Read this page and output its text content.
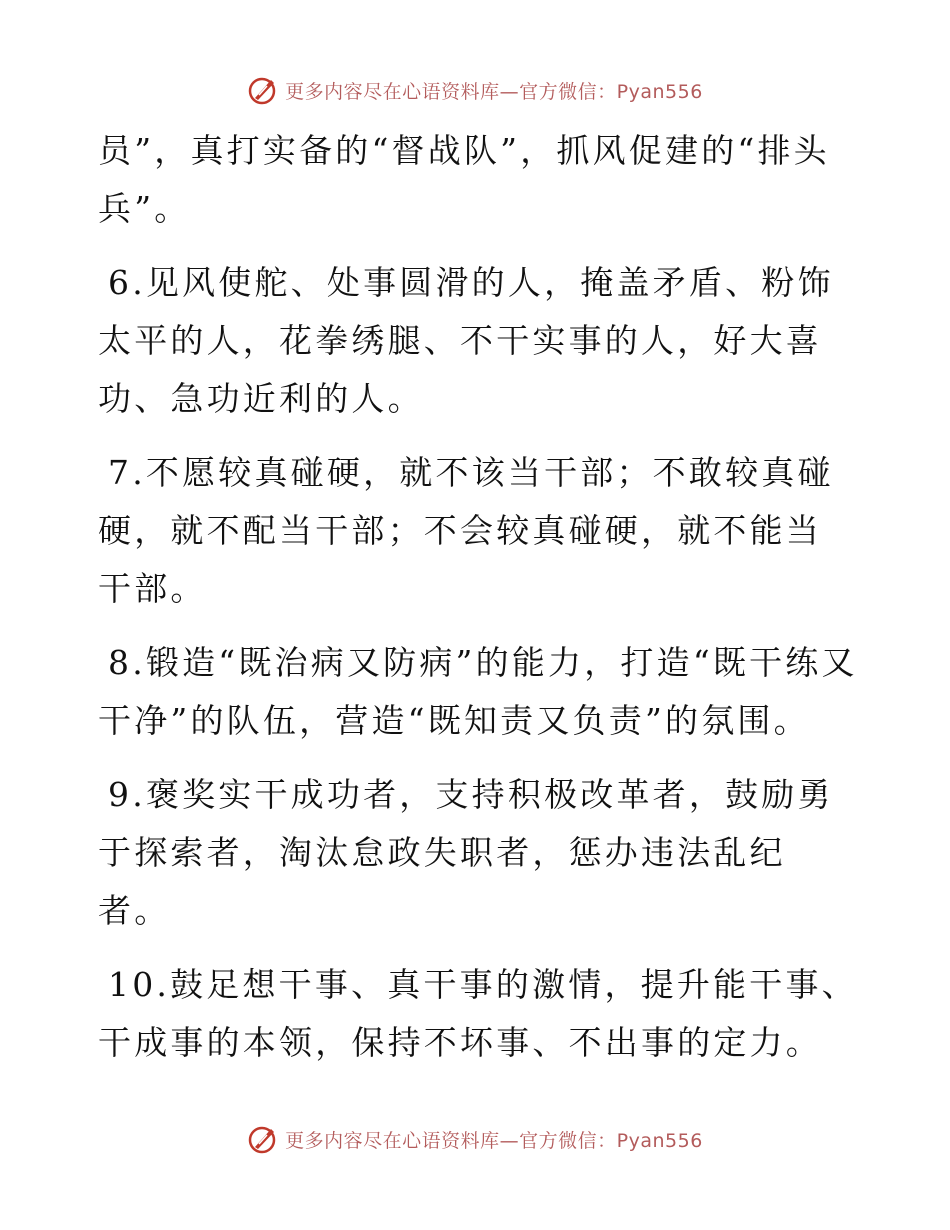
更多内容尽在心语资料库—官方微信：Pyan556

员”，真打实备的“督战队”，抓风促建的“排头兵”。

6.见风使舵、处事圆滑的人，掩盖矛盾、粉饰太平的人，花拳绣腿、不干实事的人，好大喜功、急功近利的人。

7.不愿较真碰硬，就不该当干部；不敢较真碰硬，就不配当干部；不会较真碰硬，就不能当干部。

8.锻造“既治病又防病”的能力，打造“既干练又干净”的队伍，营造“既知责又负责”的氛围。

9.褒奖实干成功者，支持积极改革者，鼓励勇于探索者，淘汰怠政失职者，惩办违法乱纪者。

10.鼓足想干事、真干事的激情，提升能干事、干成事的本领，保持不坏事、不出事的定力。

更多内容尽在心语资料库—官方微信：Pyan556
